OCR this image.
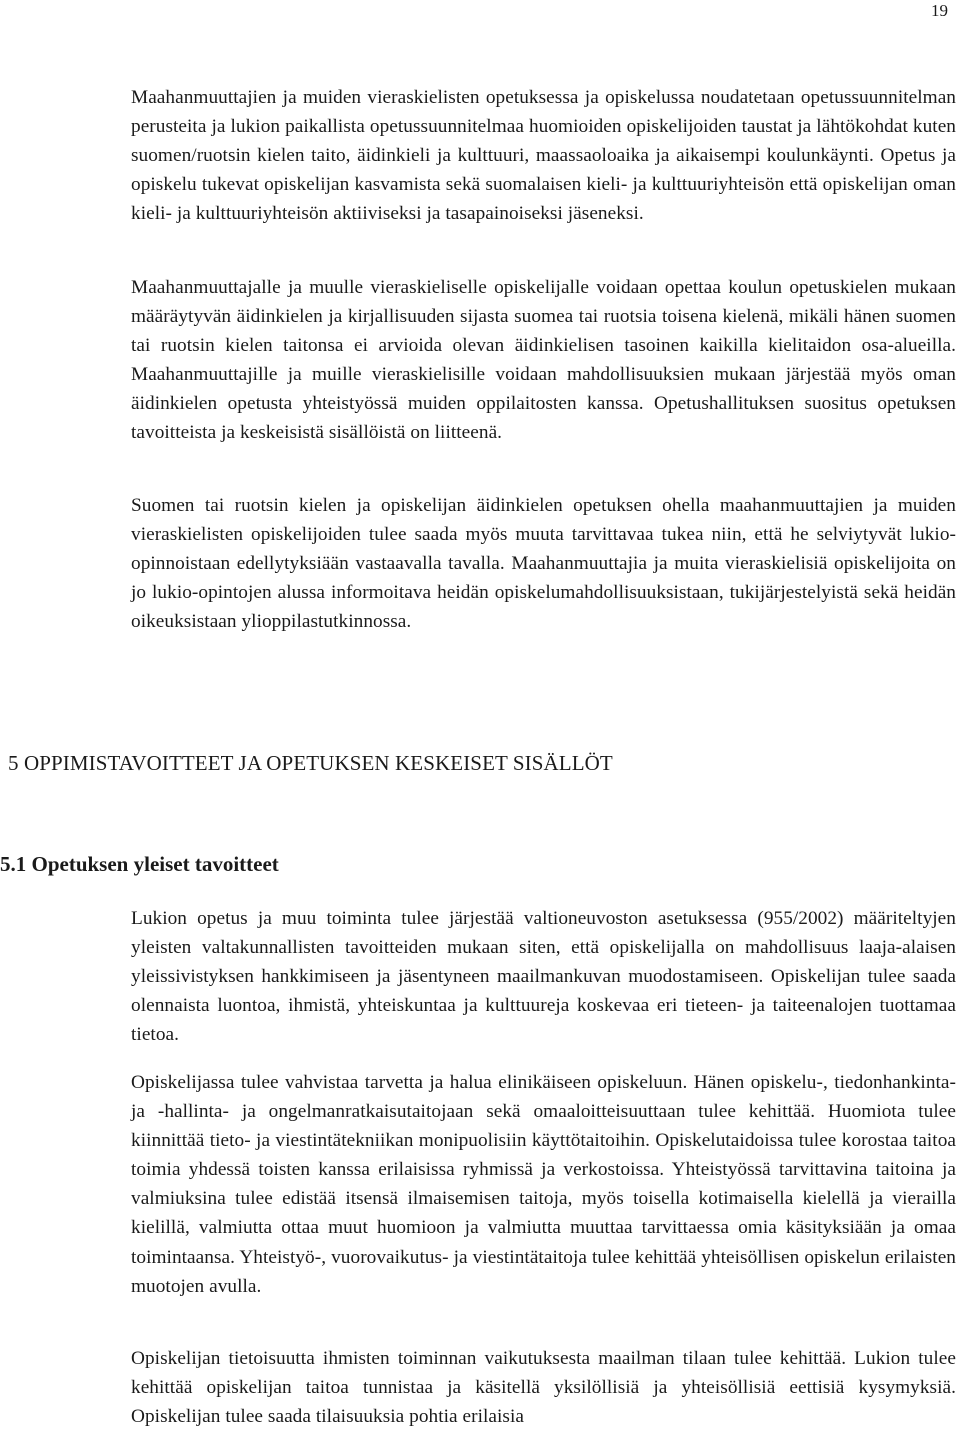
19

Maahanmuuttajien ja muiden vieraskielisten opetuksessa ja opiskelussa noudatetaan opetussuunnitelman perusteita ja lukion paikallista opetussuunnitelmaa huomioiden opiskelijoiden taustat ja lähtökohdat kuten suomen/ruotsin kielen taito, äidinkieli ja kulttuuri, maassaoloaika ja aikaisempi koulunkäynti. Opetus ja opiskelu tukevat opiskelijan kasvamista sekä suomalaisen kieli- ja kulttuuriyhteisön että opiskelijan oman kieli- ja kulttuuriyhteisön aktiiviseksi ja tasapainoiseksi jäseneksi.

Maahanmuuttajalle ja muulle vieraskieliselle opiskelijalle voidaan opettaa koulun opetuskielen mukaan määräytyvän äidinkielen ja kirjallisuuden sijasta suomea tai ruotsia toisena kielenä, mikäli hänen suomen tai ruotsin kielen taitonsa ei arvioida olevan äidinkielisen tasoinen kaikilla kielitaidon osa-alueilla. Maahanmuuttajille ja muille vieraskielisille voidaan mahdollisuuksien mukaan järjestää myös oman äidinkielen opetusta yhteistyössä muiden oppilaitosten kanssa. Opetushallituksen suositus opetuksen tavoitteista ja keskeisistä sisällöistä on liitteenä.

Suomen tai ruotsin kielen ja opiskelijan äidinkielen opetuksen ohella maahanmuuttajien ja muiden vieraskielisten opiskelijoiden tulee saada myös muuta tarvittavaa tukea niin, että he selviytyvät lukio-opinnoistaan edellytyksiään vastaavalla tavalla. Maahanmuuttajia ja muita vieraskielisiä opiskelijoita on jo lukio-opintojen alussa informoitava heidän opiskelumahdollisuuksistaan, tukijärjestelyistä sekä heidän oikeuksistaan ylioppilastutkinnossa.

5 OPPIMISTAVOITTEET JA OPETUKSEN KESKEISET SISÄLLÖT
5.1 Opetuksen yleiset tavoitteet

Lukion opetus ja muu toiminta tulee järjestää valtioneuvoston asetuksessa (955/2002) määriteltyjen yleisten valtakunnallisten tavoitteiden mukaan siten, että opiskelijalla on mahdollisuus laaja-alaisen yleissivistyksen hankkimiseen ja jäsentyneen maailmankuvan muodostamiseen. Opiskelijan tulee saada olennaista luontoa, ihmistä, yhteiskuntaa ja kulttuureja koskevaa eri tieteen- ja taiteenalojen tuottamaa tietoa.

Opiskelijassa tulee vahvistaa tarvetta ja halua elinikäiseen opiskeluun. Hänen opiskelu-, tiedonhankinta- ja -hallinta- ja ongelmanratkaisutaitojaan sekä omaaloitteisuuttaan tulee kehittää. Huomiota tulee kiinnittää tieto- ja viestintätekniikan monipuolisiin käyttötaitoihin. Opiskelutaidoissa tulee korostaa taitoa toimia yhdessä toisten kanssa erilaisissa ryhmissä ja verkostoissa. Yhteistyössä tarvittavina taitoina ja valmiuksina tulee edistää itsensä ilmaisemisen taitoja, myös toisella kotimaisella kielellä ja vierailla kielillä, valmiutta ottaa muut huomioon ja valmiutta muuttaa tarvittaessa omia käsityksiään ja omaa toimintaansa. Yhteistyö-, vuorovaikutus- ja viestintätaitoja tulee kehittää yhteisöllisen opiskelun erilaisten muotojen avulla.

Opiskelijan tietoisuutta ihmisten toiminnan vaikutuksesta maailman tilaan tulee kehittää. Lukion tulee kehittää opiskelijan taitoa tunnistaa ja käsitellä yksilöllisiä ja yhteisöllisiä eettisiä kysymyksiä. Opiskelijan tulee saada tilaisuuksia pohtia erilaisia
